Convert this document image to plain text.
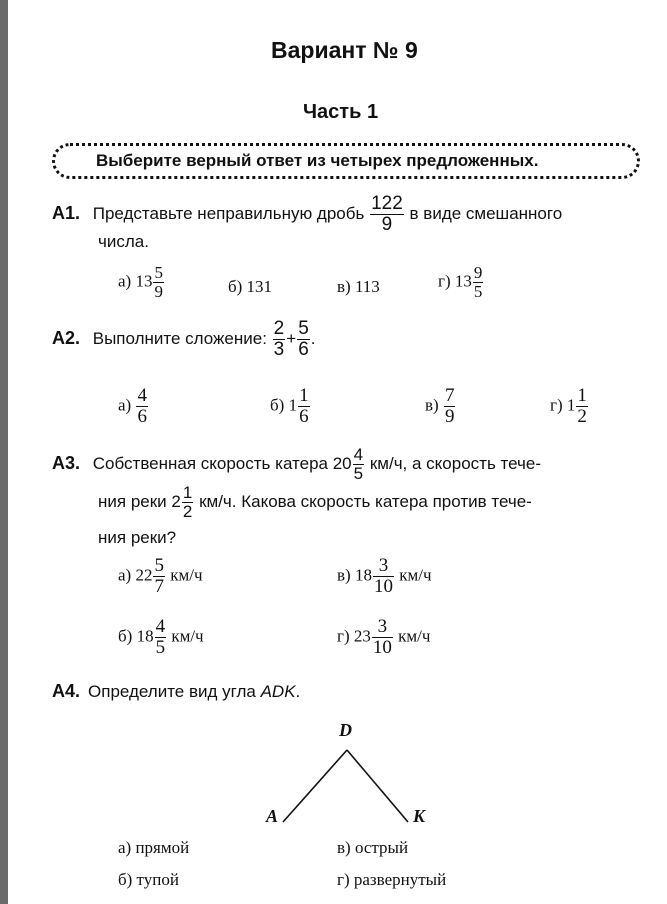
Вариант № 9
Часть 1
Выберите верный ответ из четырех предложенных.
А1. Представьте неправильную дробь $\frac{122}{9}$ в виде смешанного
числа.
а) $13 \frac{5}{9}$	б) 131	в) 113	г) $13 \frac{9}{5}$
А2. Выполните сложение: $\frac{2}{3} + \frac{5}{6}$ .
$а) \frac{4}{6}$	б) $1 \frac{1}{6}$	$в) \frac{7}{9}$	г) $1 \frac{1}{2}$
А3. Собственная скорость катера $20 \frac{4}{5} км/ч$, а скорость тече-
ния реки $2 \frac{1}{2} км/ч$. Какова скорость катера против тече-
ния реки?
а) $22 \frac{5}{7} км/ч$	в) $18 \frac{3}{10} км/ч$
б) $18 \frac{4}{5} км/ч$	г) $23 \frac{3}{10} км/ч$
А4. Определите вид угла ADK.
D
A	K
а) прямой	в) острый
б) тупой	г) развернутый
